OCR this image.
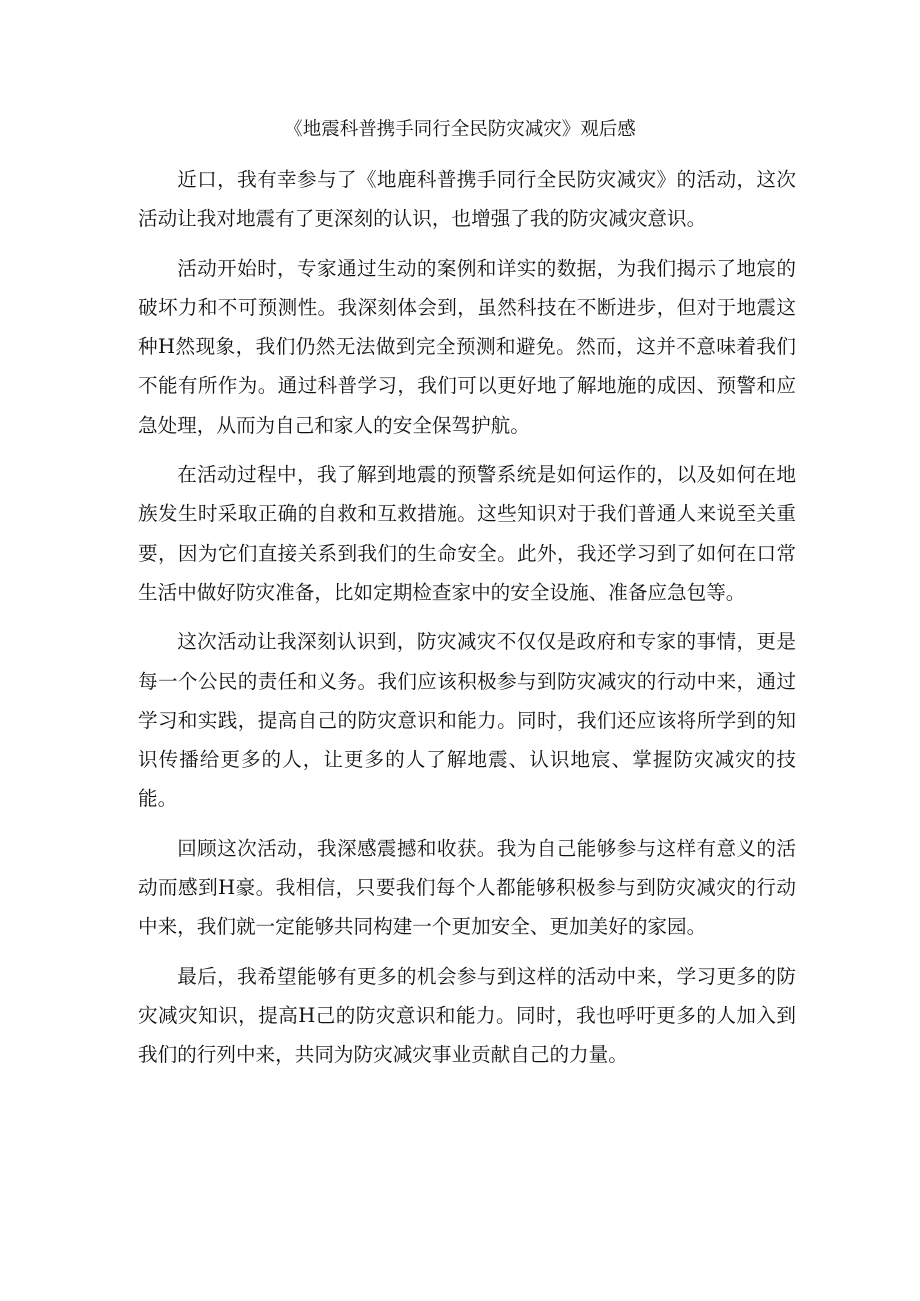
《地震科普携手同行全民防灾减灾》观后感

近口，我有幸参与了《地鹿科普携手同行全民防灾减灾》的活动，这次活动让我对地震有了更深刻的认识，也增强了我的防灾减灾意识。

活动开始时，专家通过生动的案例和详实的数据，为我们揭示了地宸的破坏力和不可预测性。我深刻体会到，虽然科技在不断进步，但对于地震这种H然现象，我们仍然无法做到完全预测和避免。然而，这并不意味着我们不能有所作为。通过科普学习，我们可以更好地了解地施的成因、预警和应急处理，从而为自己和家人的安全保驾护航。

在活动过程中，我了解到地震的预警系统是如何运作的，以及如何在地族发生时采取正确的自救和互救措施。这些知识对于我们普通人来说至关重要，因为它们直接关系到我们的生命安全。此外，我还学习到了如何在口常生活中做好防灾准备，比如定期检查家中的安全设施、准备应急包等。

这次活动让我深刻认识到，防灾减灾不仅仅是政府和专家的事情，更是每一个公民的责任和义务。我们应该积极参与到防灾减灾的行动中来，通过学习和实践，提高自己的防灾意识和能力。同时，我们还应该将所学到的知识传播给更多的人，让更多的人了解地震、认识地宸、掌握防灾减灾的技能。

回顾这次活动，我深感震撼和收获。我为自己能够参与这样有意义的活动而感到H豪。我相信，只要我们每个人都能够积极参与到防灾减灾的行动中来，我们就一定能够共同构建一个更加安全、更加美好的家园。

最后，我希望能够有更多的机会参与到这样的活动中来，学习更多的防灾减灾知识，提高H己的防灾意识和能力。同时，我也呼吁更多的人加入到我们的行列中来，共同为防灾减灾事业贡献自己的力量。
